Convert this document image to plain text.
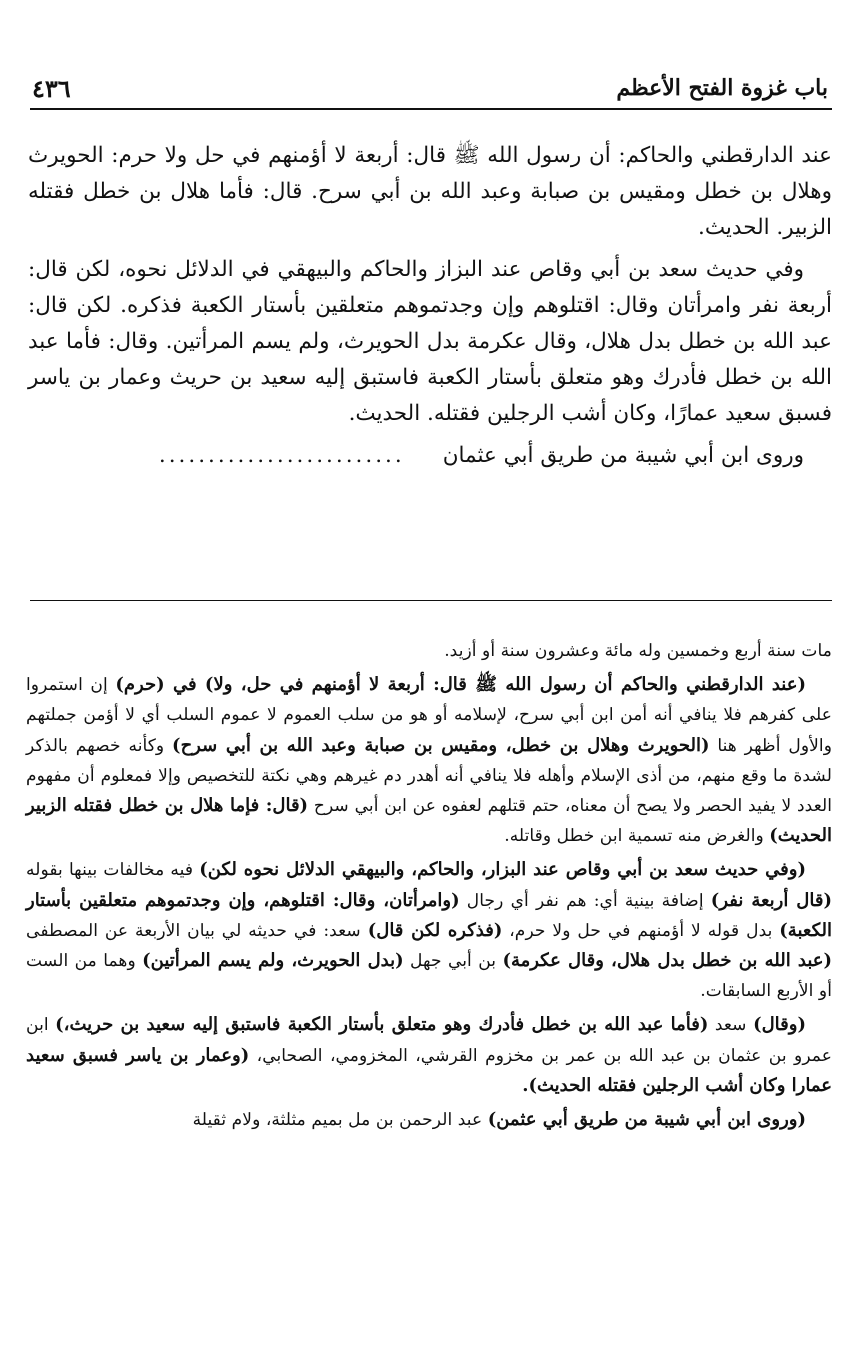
باب غزوة الفتح الأعظم
٤٣٦

عند الدارقطني والحاكم: أن رسول الله ﷺ قال: أربعة لا أؤمنهم في حل ولا حرم: الحويرث وهلال بن خطل ومقيس بن صبابة وعبد الله بن أبي سرح. قال: فأما هلال بن خطل فقتله الزبير. الحديث.

وفي حديث سعد بن أبي وقاص عند البزاز والحاكم والبيهقي في الدلائل نحوه، لكن قال: أربعة نفر وامرأتان وقال: اقتلوهم وإن وجدتموهم متعلقين بأستار الكعبة فذكره. لكن قال: عبد الله بن خطل بدل هلال، وقال عكرمة بدل الحويرث، ولم يسم المرأتين. وقال: فأما عبد الله بن خطل فأدرك وهو متعلق بأستار الكعبة فاستبق إليه سعيد بن حريث وعمار بن ياسر فسبق سعيد عمارًا، وكان أشب الرجلين فقتله. الحديث.

وروى ابن أبي شيبة من طريق أبي عثمان.........................

مات سنة أربع وخمسين وله مائة وعشرون سنة أو أزيد.

(عند الدارقطني والحاكم أن رسول الله ﷺ قال: أربعة لا أؤمنهم في حل، ولا) في (حرم) إن استمروا على كفرهم فلا ينافي أنه أمن ابن أبي سرح، لإسلامه أو هو من سلب العموم لا عموم السلب أي لا أؤمن جملتهم والأول أظهر هنا (الحويرث وهلال بن خطل، ومقيس بن صبابة وعبد الله بن أبي سرح) وكأنه خصهم بالذكر لشدة ما وقع منهم، من أذى الإسلام وأهله فلا ينافي أنه أهدر دم غيرهم وهي نكتة للتخصيص وإلا فمعلوم أن مفهوم العدد لا يفيد الحصر ولا يصح أن معناه، حتم قتلهم لعفوه عن ابن أبي سرح (قال: فإما هلال بن خطل فقتله الزبير الحديث) والغرض منه تسمية ابن خطل وقاتله.

(وفي حديث سعد بن أبي وقاص عند البزار، والحاكم، والبيهقي الدلائل نحوه لكن) فيه مخالفات بينها بقوله (قال أربعة نفر) إضافة بينية أي: هم نفر أي رجال (وامرأتان، وقال: اقتلوهم، وإن وجدتموهم متعلقين بأستار الكعبة) بدل قوله لا أؤمنهم في حل ولا حرم، (فذكره لكن قال) سعد: في حديثه لي بيان الأربعة عن المصطفى (عبد الله بن خطل بدل هلال، وقال عكرمة) بن أبي جهل (بدل الحويرث، ولم يسم المرأتين) وهما من الست أو الأربع السابقات.

(وقال) سعد (فأما عبد الله بن خطل فأدرك وهو متعلق بأستار الكعبة فاستبق إليه سعيد بن حريث،) ابن عمرو بن عثمان بن عبد الله بن عمر بن مخزوم القرشي، المخزومي، الصحابي، (وعمار بن ياسر فسبق سعيد عمارا وكان أشب الرجلين فقتله الحديث).

(وروى ابن أبي شيبة من طريق أبي عثمن) عبد الرحمن بن مل بميم مثلثة، ولام ثقيلة
